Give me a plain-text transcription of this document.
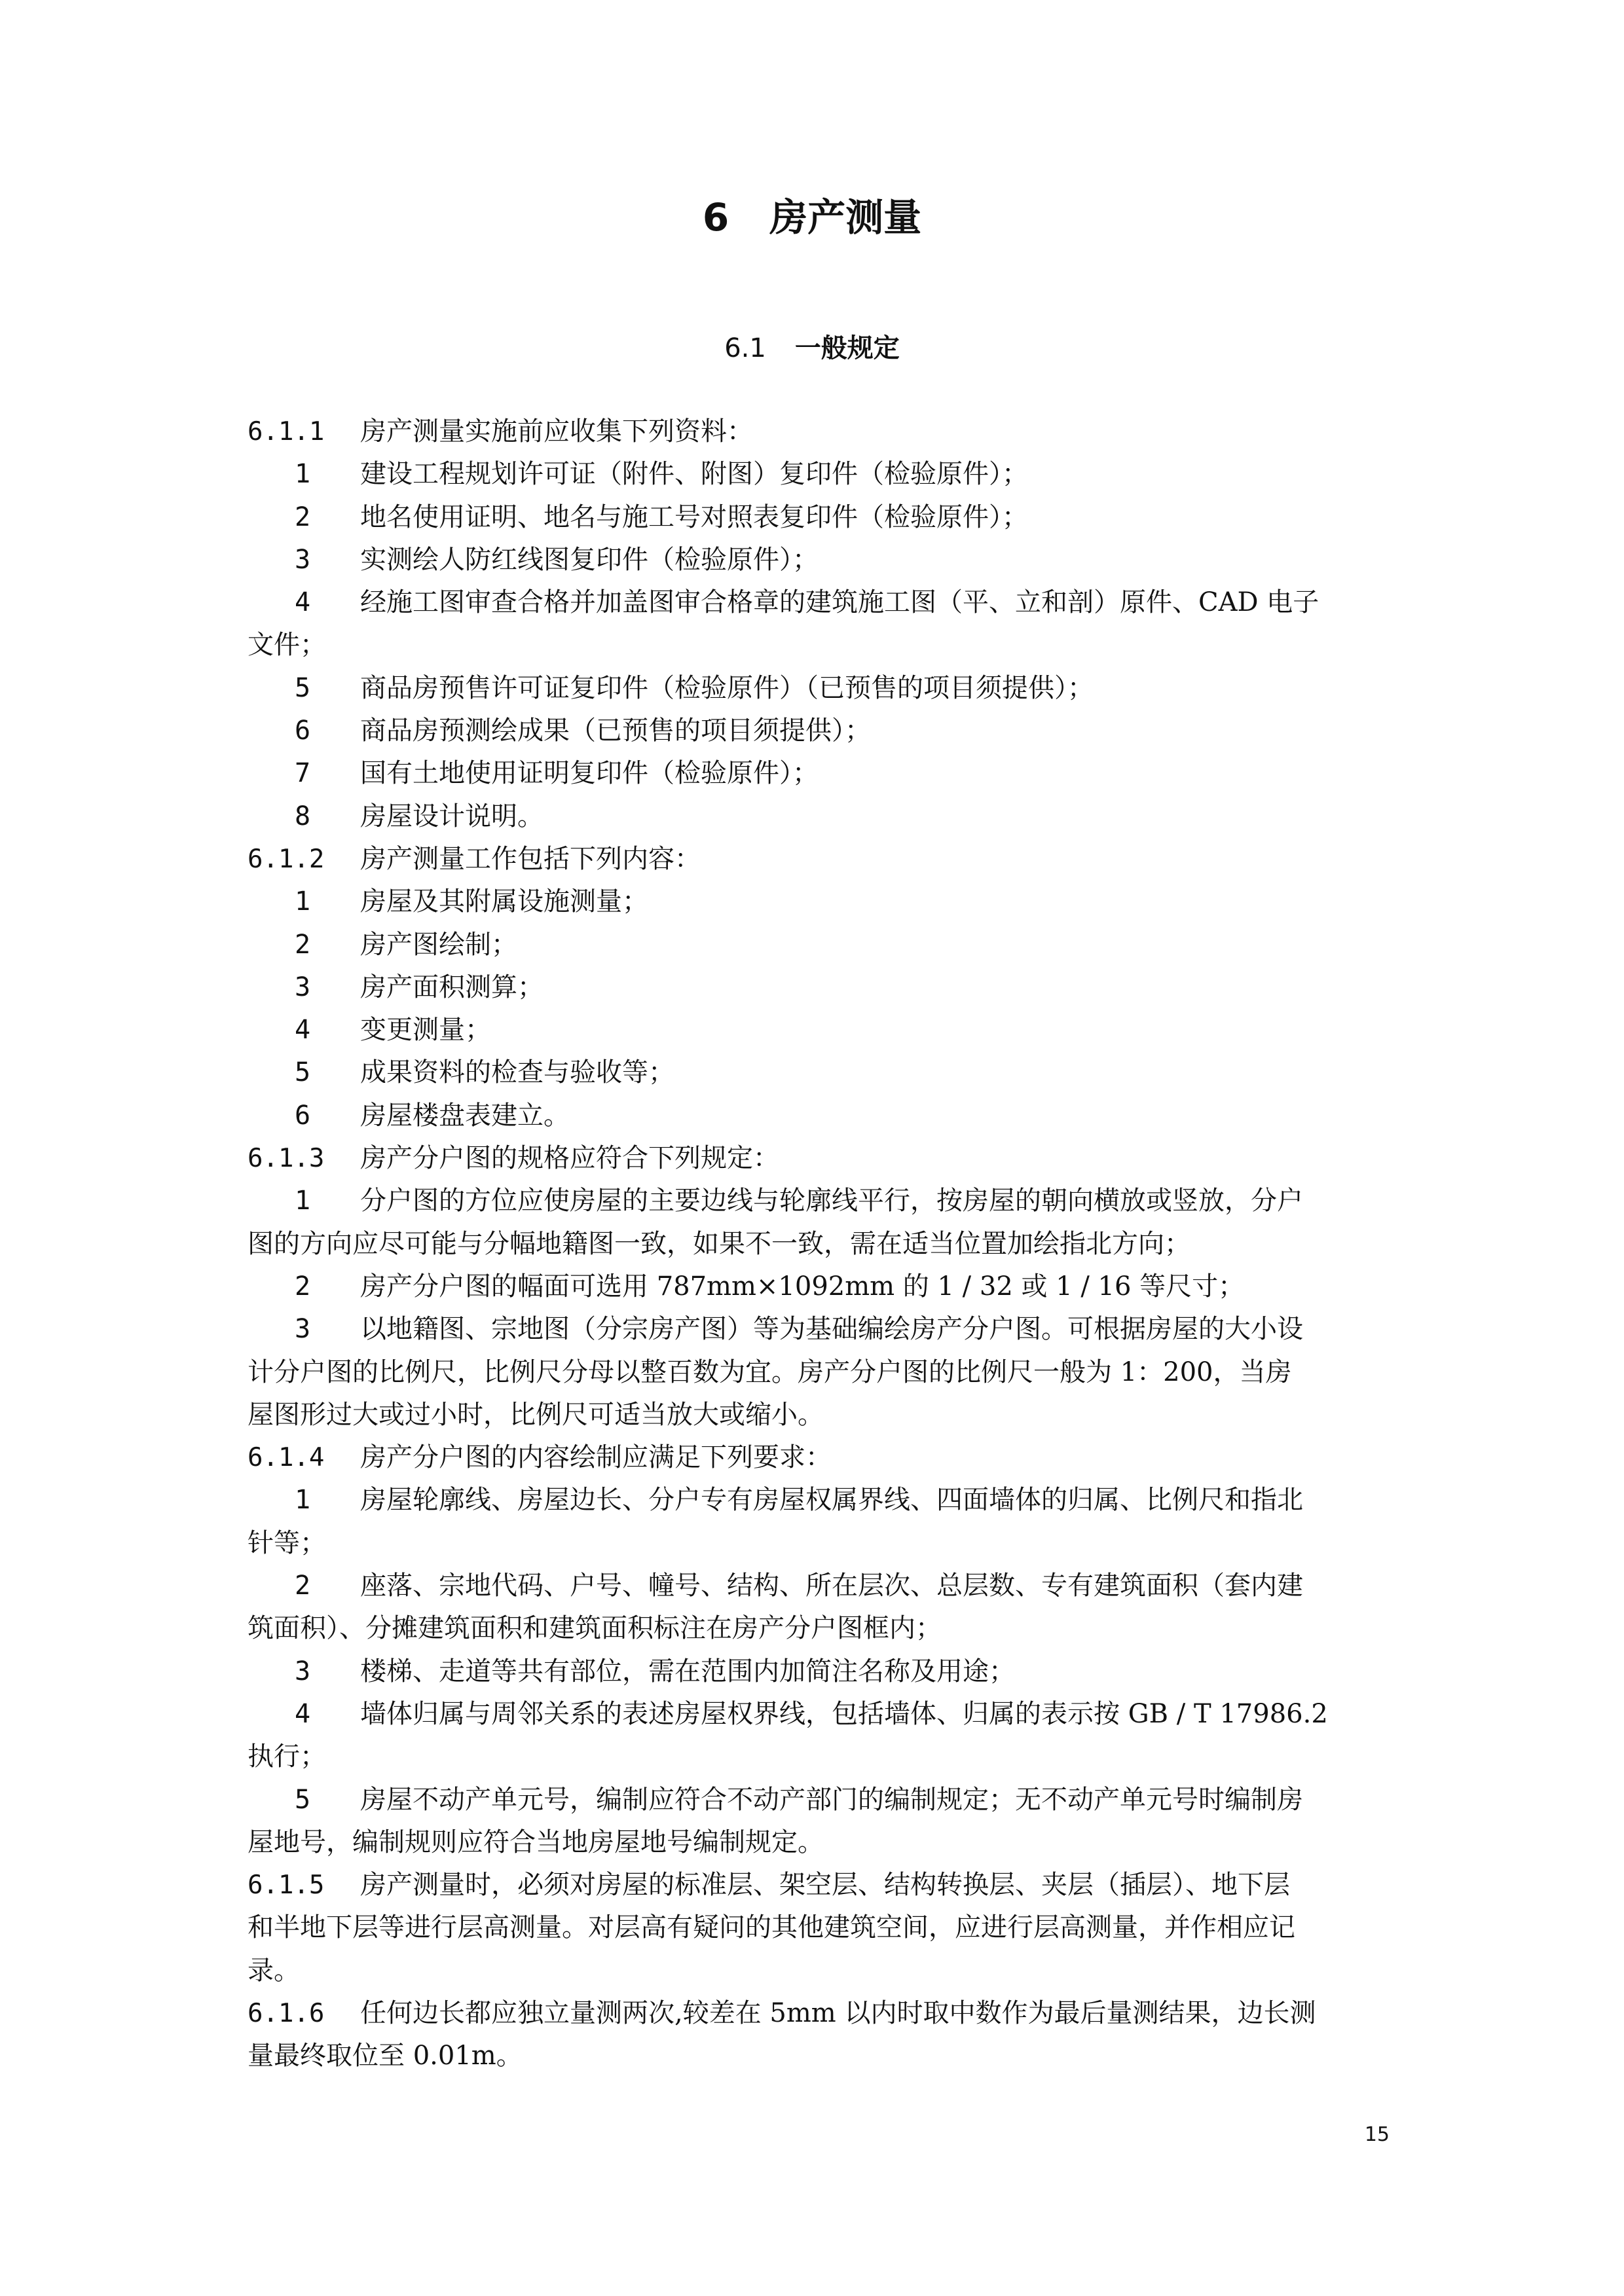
6 房产测量
6.1 一般规定
6.1.1 房产测量实施前应收集下列资料：
1 建设工程规划许可证（附件、附图）复印件（检验原件）；
2 地名使用证明、地名与施工号对照表复印件（检验原件）；
3 实测绘人防红线图复印件（检验原件）；
4 经施工图审查合格并加盖图审合格章的建筑施工图（平、立和剖）原件、CAD 电子
文件；
5 商品房预售许可证复印件（检验原件）（已预售的项目须提供）；
6 商品房预测绘成果（已预售的项目须提供）；
7 国有土地使用证明复印件（检验原件）；
8 房屋设计说明。
6.1.2 房产测量工作包括下列内容：
1 房屋及其附属设施测量；
2 房产图绘制；
3 房产面积测算；
4 变更测量；
5 成果资料的检查与验收等；
6 房屋楼盘表建立。
6.1.3 房产分户图的规格应符合下列规定：
1 分户图的方位应使房屋的主要边线与轮廓线平行，按房屋的朝向横放或竖放，分户
图的方向应尽可能与分幅地籍图一致，如果不一致，需在适当位置加绘指北方向；
2 房产分户图的幅面可选用 787mm×1092mm 的 1 / 32 或 1 / 16 等尺寸；
3 以地籍图、宗地图（分宗房产图）等为基础编绘房产分户图。可根据房屋的大小设
计分户图的比例尺，比例尺分母以整百数为宜。房产分户图的比例尺一般为 1：200，当房
屋图形过大或过小时，比例尺可适当放大或缩小。
6.1.4 房产分户图的内容绘制应满足下列要求：
1 房屋轮廓线、房屋边长、分户专有房屋权属界线、四面墙体的归属、比例尺和指北
针等；
2 座落、宗地代码、户号、幢号、结构、所在层次、总层数、专有建筑面积（套内建
筑面积）、分摊建筑面积和建筑面积标注在房产分户图框内；
3 楼梯、走道等共有部位，需在范围内加简注名称及用途；
4 墙体归属与周邻关系的表述房屋权界线，包括墙体、归属的表示按 GB / T 17986.2
执行；
5 房屋不动产单元号，编制应符合不动产部门的编制规定；无不动产单元号时编制房
屋地号，编制规则应符合当地房屋地号编制规定。
6.1.5 房产测量时，必须对房屋的标准层、架空层、结构转换层、夹层（插层）、地下层
和半地下层等进行层高测量。对层高有疑问的其他建筑空间，应进行层高测量，并作相应记
录。
6.1.6 任何边长都应独立量测两次,较差在 5mm 以内时取中数作为最后量测结果，边长测
量最终取位至 0.01m。
15
